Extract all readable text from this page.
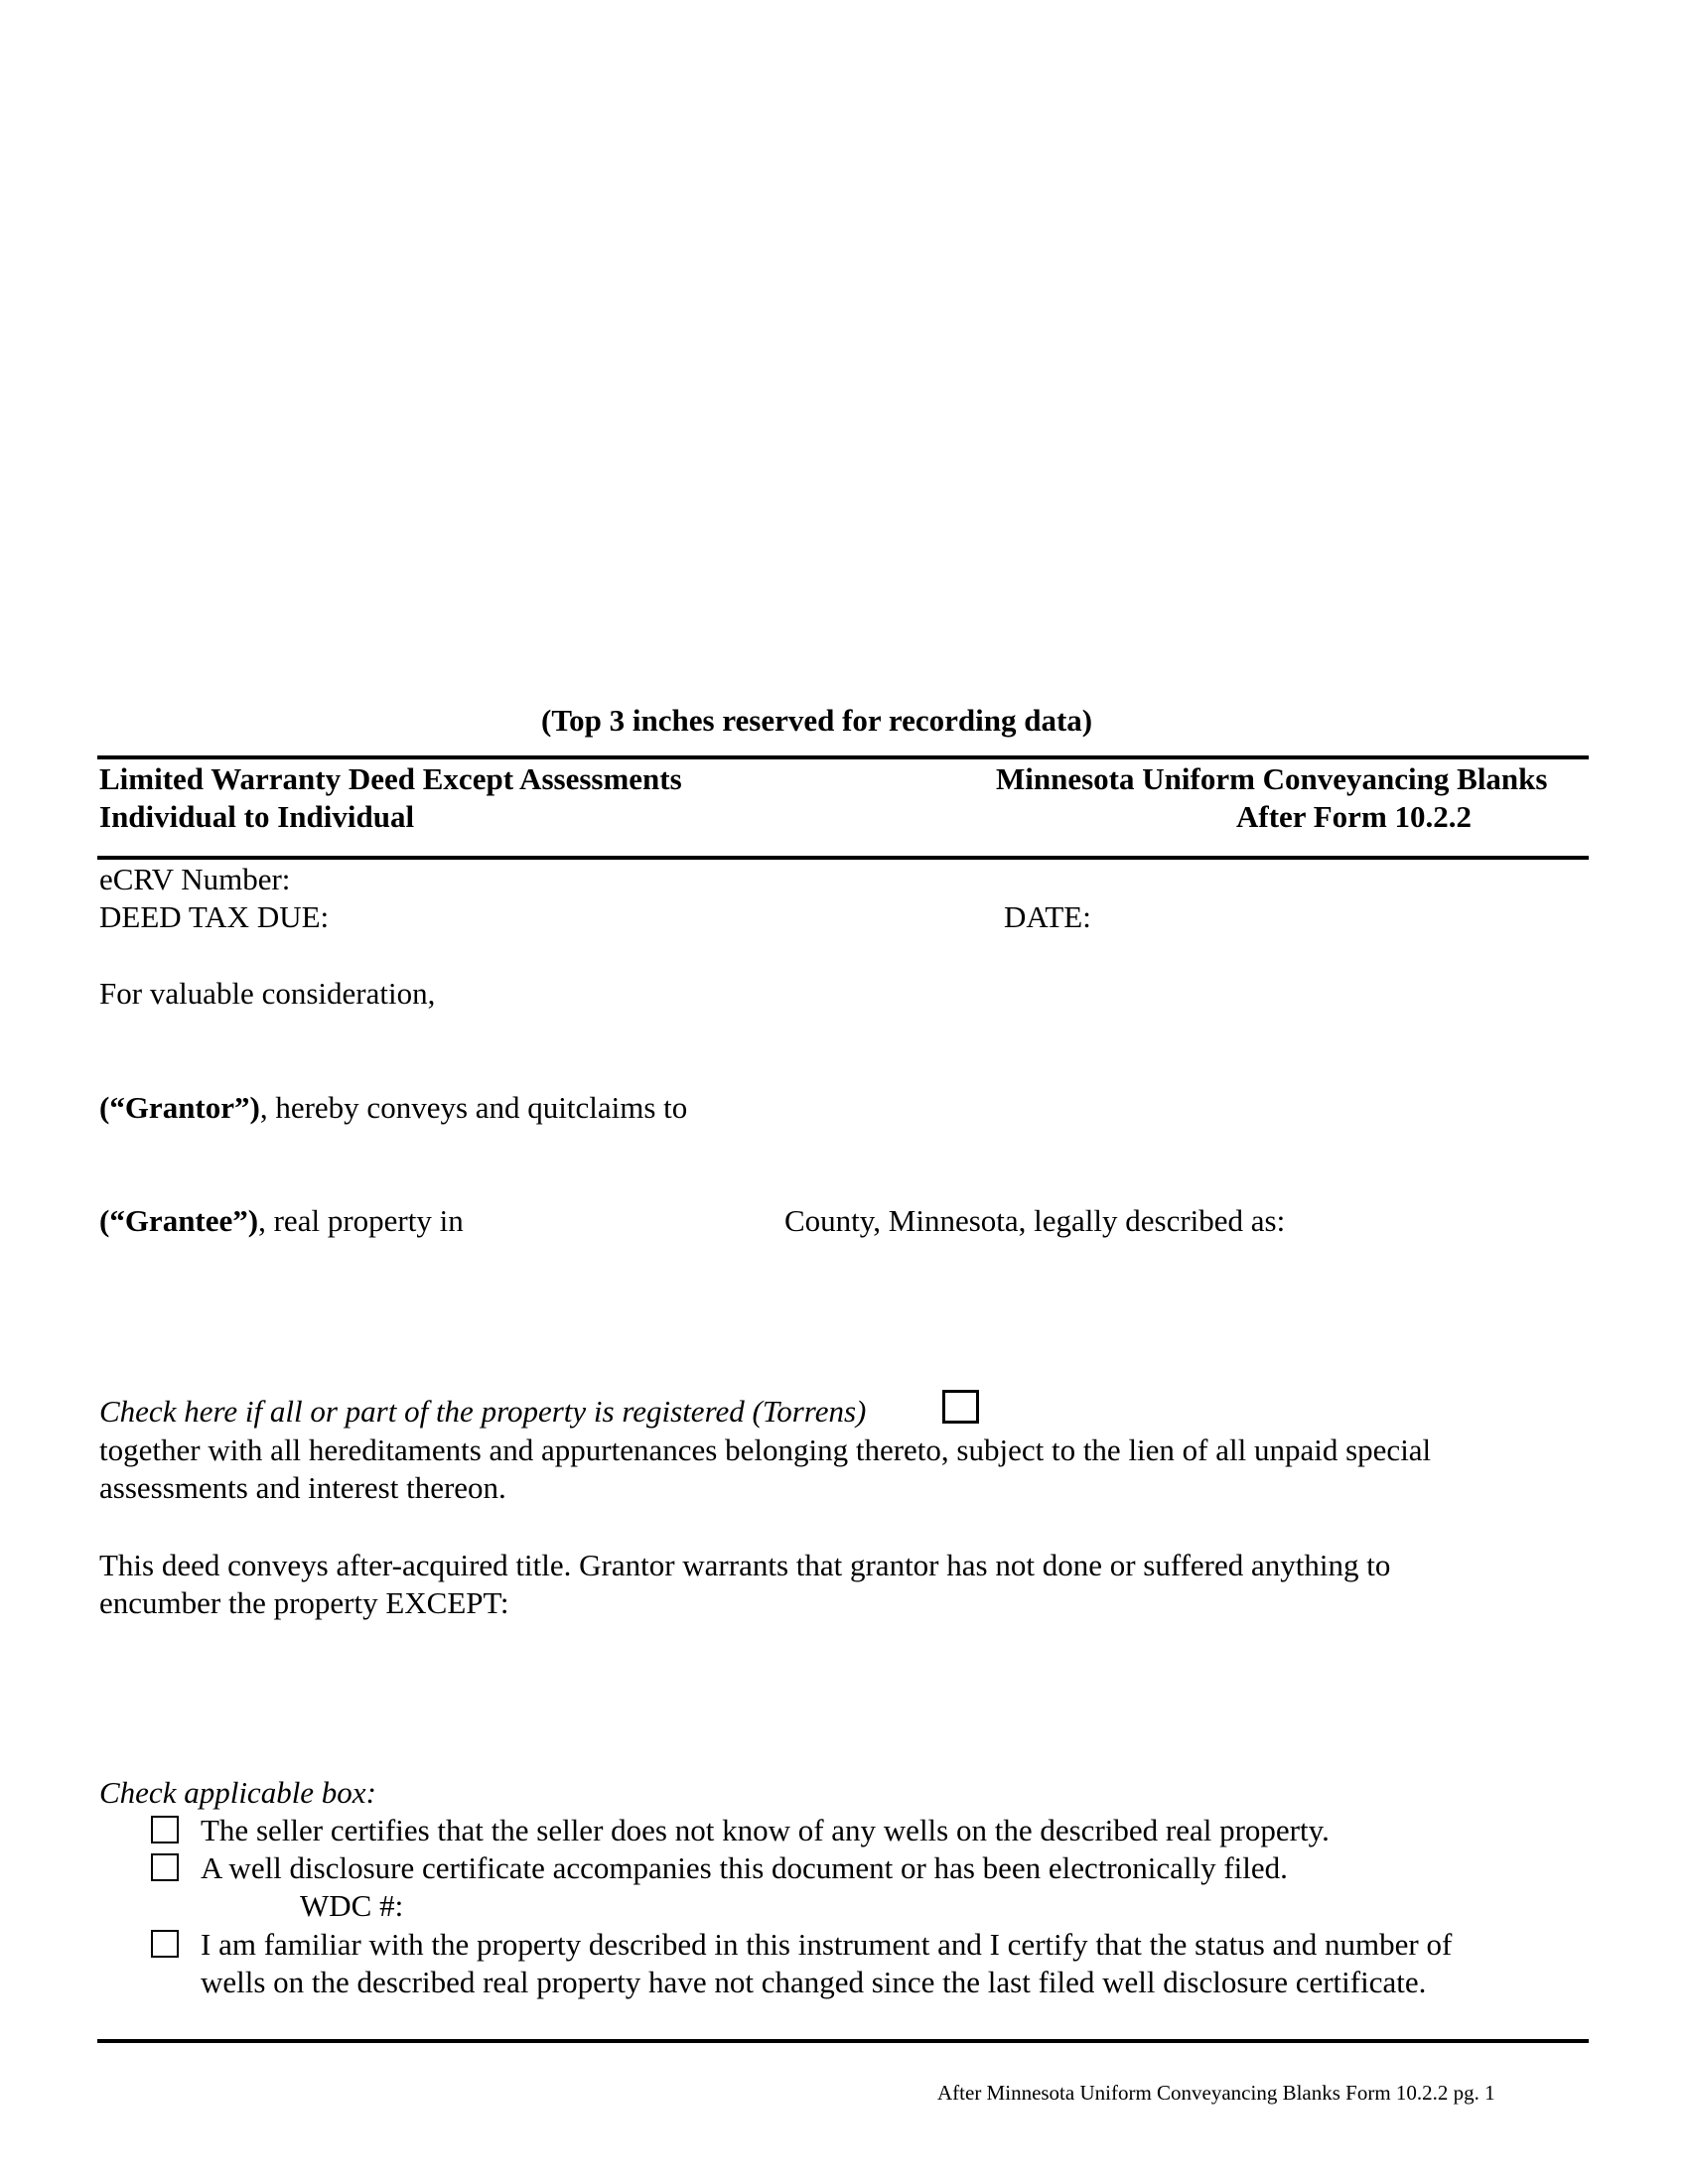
(Top 3 inches reserved for recording data)
Limited Warranty Deed Except Assessments
Individual to Individual
Minnesota Uniform Conveyancing Blanks
After Form 10.2.2
eCRV Number:
DEED TAX DUE:	DATE:
For valuable consideration,
(“Grantor”), hereby conveys and quitclaims to
(“Grantee”), real property in	County, Minnesota, legally described as:
Check here if all or part of the property is registered (Torrens)
together with all hereditaments and appurtenances belonging thereto, subject to the lien of all unpaid special
assessments and interest thereon.
This deed conveys after-acquired title. Grantor warrants that grantor has not done or suffered anything to
encumber the property EXCEPT:
Check applicable box:
The seller certifies that the seller does not know of any wells on the described real property.
A well disclosure certificate accompanies this document or has been electronically filed.
WDC #:
I am familiar with the property described in this instrument and I certify that the status and number of
wells on the described real property have not changed since the last filed well disclosure certificate.
After Minnesota Uniform Conveyancing Blanks Form 10.2.2 pg. 1
